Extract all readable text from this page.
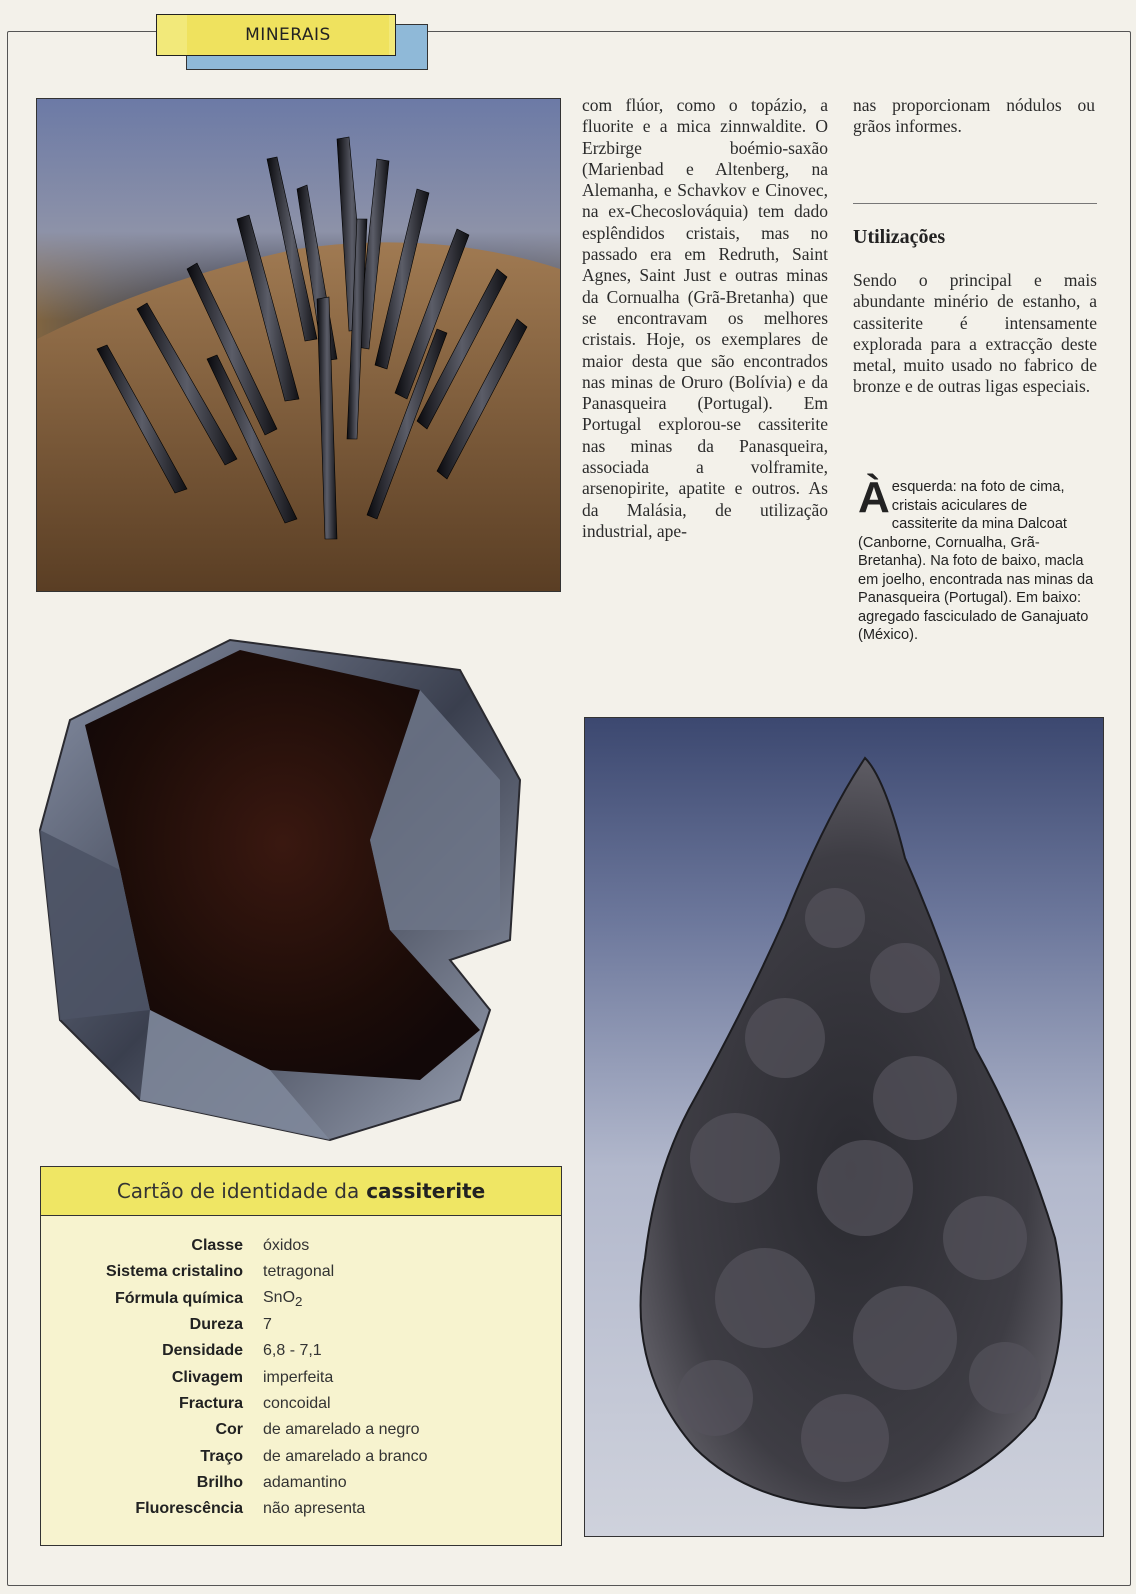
MINERAIS
com flúor, como o topázio, a fluorite e a mica zinnwaldite. O Erzbirge boémio-saxão (Marienbad e Altenberg, na Alemanha, e Schavkov e Cinovec, na ex-Checoslováquia) tem dado esplêndidos cristais, mas no passado era em Redruth, Saint Agnes, Saint Just e outras minas da Cornualha (Grã-Bretanha) que se encontravam os melhores cristais. Hoje, os exemplares de maior desta que são encontrados nas minas de Oruro (Bolívia) e da Panasqueira (Portugal). Em Portugal explorou-se cassiterite nas minas da Panasqueira, associada a volframite, arsenopirite, apatite e outros. As da Malásia, de utilização industrial, ape-
nas proporcionam nódulos ou grãos informes.
Utilizações
Sendo o principal e mais abundante minério de estanho, a cassiterite é intensamente explorada para a extracção deste metal, muito usado no fabrico de bronze e de outras ligas especiais.
Àesquerda: na foto de cima, cristais aciculares de cassiterite da mina Dalcoat (Canborne, Cornualha, Grã-Bretanha). Na foto de baixo, macla em joelho, encontrada nas minas da Panasqueira (Portugal). Em baixo: agregado fasciculado de Ganajuato (México).
Cartão de identidade da cassiterite
Classe	óxidos
Sistema cristalino	tetragonal
Fórmula química	SnO$_2$
Dureza	7
Densidade	6,8 - 7,1
Clivagem	imperfeita
Fractura	concoidal
Cor	de amarelado a negro
Traço	de amarelado a branco
Brilho	adamantino
Fluorescência	não apresenta
